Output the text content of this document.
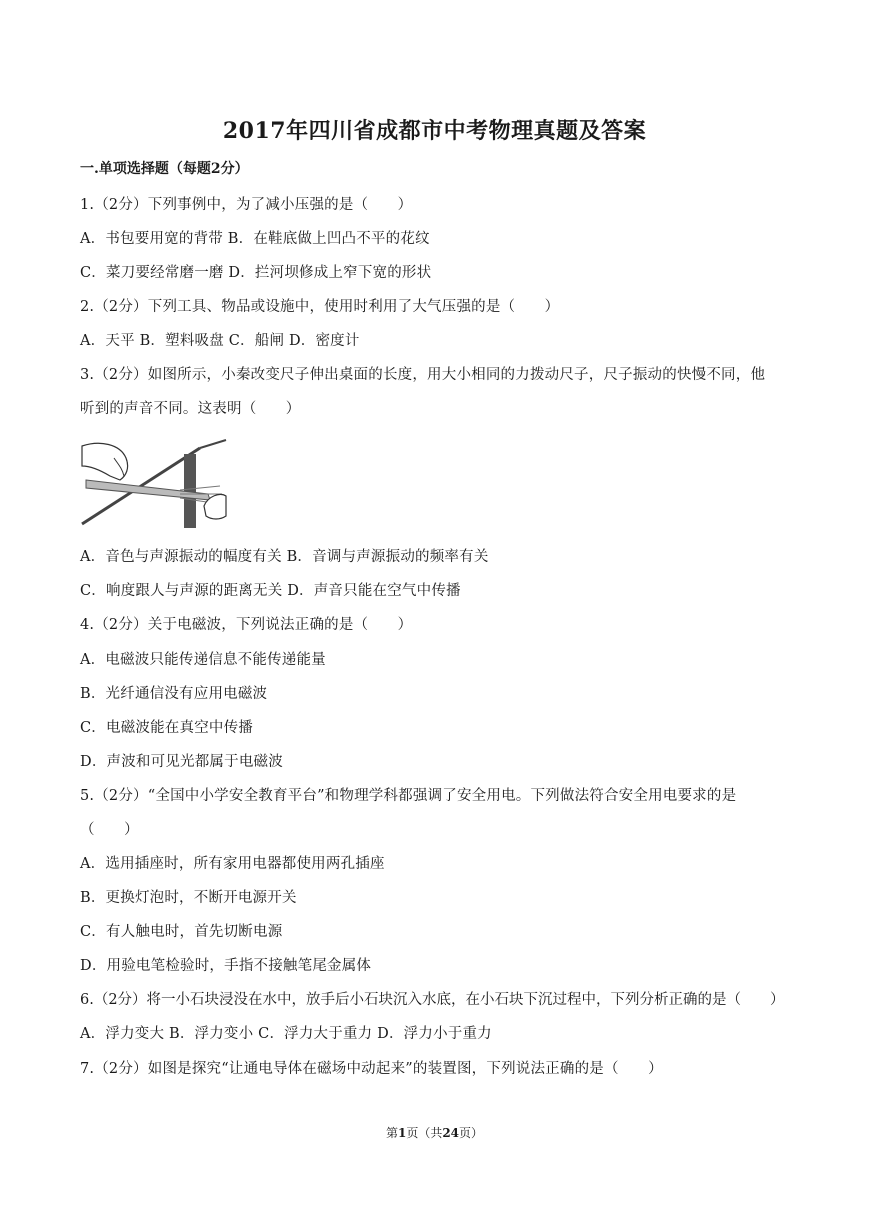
2017年四川省成都市中考物理真题及答案
一.单项选择题（每题2分）
1.（2分）下列事例中，为了减小压强的是（　　）
A．书包要用宽的背带 B．在鞋底做上凹凸不平的花纹
C．菜刀要经常磨一磨 D．拦河坝修成上窄下宽的形状
2.（2分）下列工具、物品或设施中，使用时利用了大气压强的是（　　）
A．天平 B．塑料吸盘 C．船闸 D．密度计
3.（2分）如图所示，小秦改变尺子伸出桌面的长度，用大小相同的力拨动尺子，尺子振动的快慢不同，他
听到的声音不同。这表明（　　）
A．音色与声源振动的幅度有关 B．音调与声源振动的频率有关
C．响度跟人与声源的距离无关 D．声音只能在空气中传播
4.（2分）关于电磁波，下列说法正确的是（　　）
A．电磁波只能传递信息不能传递能量
B．光纤通信没有应用电磁波
C．电磁波能在真空中传播
D．声波和可见光都属于电磁波
5.（2分）“全国中小学安全教育平台”和物理学科都强调了安全用电。下列做法符合安全用电要求的是
（　　）
A．选用插座时，所有家用电器都使用两孔插座
B．更换灯泡时，不断开电源开关
C．有人触电时，首先切断电源
D．用验电笔检验时，手指不接触笔尾金属体
6.（2分）将一小石块浸没在水中，放手后小石块沉入水底，在小石块下沉过程中，下列分析正确的是（　　）
A．浮力变大 B．浮力变小 C．浮力大于重力 D．浮力小于重力
7.（2分）如图是探究“让通电导体在磁场中动起来”的装置图，下列说法正确的是（　　）
第1页（共24页）
